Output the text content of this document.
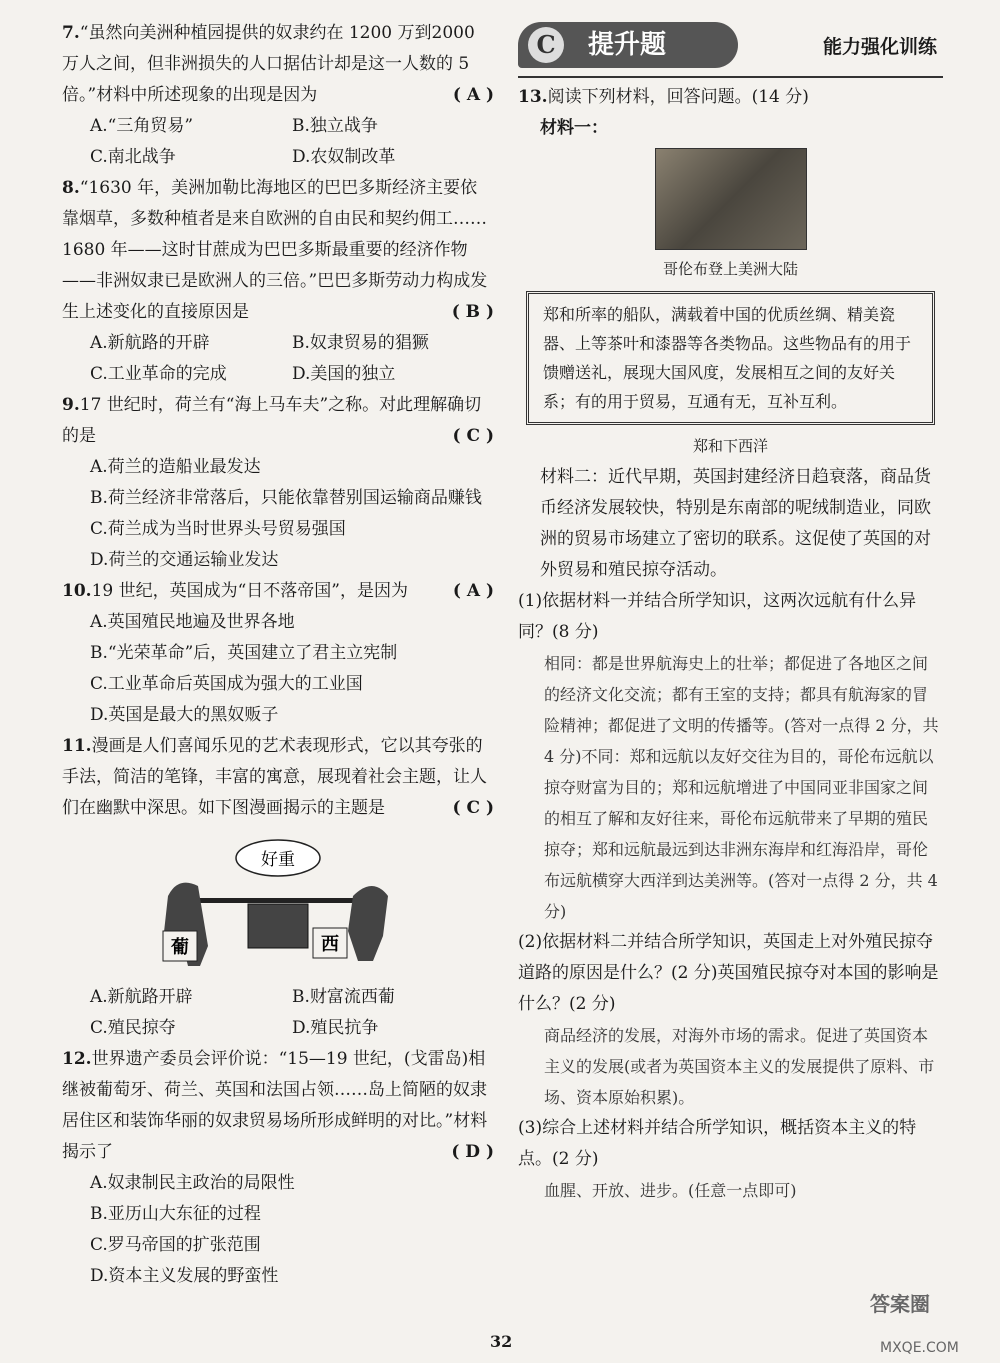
7.“虽然向美洲种植园提供的奴隶约在 1200 万到2000 万人之间，但非洲损失的人口据估计却是这一人数的 5 倍。”材料中所述现象的出现是因为	( A )
A.“三角贸易”	B.独立战争
C.南北战争	D.农奴制改革
8.“1630 年，美洲加勒比海地区的巴巴多斯经济主要依靠烟草，多数种植者是来自欧洲的自由民和契约佣工……1680 年——这时甘蔗成为巴巴多斯最重要的经济作物——非洲奴隶已是欧洲人的三倍。”巴巴多斯劳动力构成发生上述变化的直接原因是	( B )
A.新航路的开辟	B.奴隶贸易的猖獗
C.工业革命的完成	D.美国的独立
9.17 世纪时，荷兰有“海上马车夫”之称。对此理解确切的是	( C )
A.荷兰的造船业最发达
B.荷兰经济非常落后，只能依靠替别国运输商品赚钱
C.荷兰成为当时世界头号贸易强国
D.荷兰的交通运输业发达
10.19 世纪，英国成为“日不落帝国”，是因为	( A )
A.英国殖民地遍及世界各地
B.“光荣革命”后，英国建立了君主立宪制
C.工业革命后英国成为强大的工业国
D.英国是最大的黑奴贩子
11.漫画是人们喜闻乐见的艺术表现形式，它以其夸张的手法，简洁的笔锋，丰富的寓意，展现着社会主题，让人们在幽默中深思。如下图漫画揭示的主题是	( C )
好重
葡	西
A.新航路开辟	B.财富流西葡
C.殖民掠夺	D.殖民抗争
12.世界遗产委员会评价说：“15—19 世纪，(戈雷岛)相继被葡萄牙、荷兰、英国和法国占领……岛上简陋的奴隶居住区和装饰华丽的奴隶贸易场所形成鲜明的对比。”材料揭示了	( D )
A.奴隶制民主政治的局限性
B.亚历山大东征的过程
C.罗马帝国的扩张范围
D.资本主义发展的野蛮性
C	提升题	能力强化训练
13.阅读下列材料，回答问题。(14 分)
材料一：
哥伦布登上美洲大陆
郑和所率的船队，满载着中国的优质丝绸、精美瓷器、上等茶叶和漆器等各类物品。这些物品有的用于馈赠送礼，展现大国风度，发展相互之间的友好关系；有的用于贸易，互通有无，互补互利。
郑和下西洋
材料二：近代早期，英国封建经济日趋衰落，商品货币经济发展较快，特别是东南部的呢绒制造业，同欧洲的贸易市场建立了密切的联系。这促使了英国的对外贸易和殖民掠夺活动。
(1)依据材料一并结合所学知识，这两次远航有什么异同？(8 分)
相同：都是世界航海史上的壮举；都促进了各地区之间的经济文化交流；都有王室的支持；都具有航海家的冒险精神；都促进了文明的传播等。(答对一点得 2 分，共 4 分)不同：郑和远航以友好交往为目的，哥伦布远航以掠夺财富为目的；郑和远航增进了中国同亚非国家之间的相互了解和友好往来，哥伦布远航带来了早期的殖民掠夺；郑和远航最远到达非洲东海岸和红海沿岸，哥伦布远航横穿大西洋到达美洲等。(答对一点得 2 分，共 4 分)
(2)依据材料二并结合所学知识，英国走上对外殖民掠夺道路的原因是什么？(2 分)英国殖民掠夺对本国的影响是什么？(2 分)
商品经济的发展，对海外市场的需求。促进了英国资本主义的发展(或者为英国资本主义的发展提供了原料、市场、资本原始积累)。
(3)综合上述材料并结合所学知识，概括资本主义的特点。(2 分)
血腥、开放、进步。(任意一点即可)
32
答案圈
MXQE.COM
